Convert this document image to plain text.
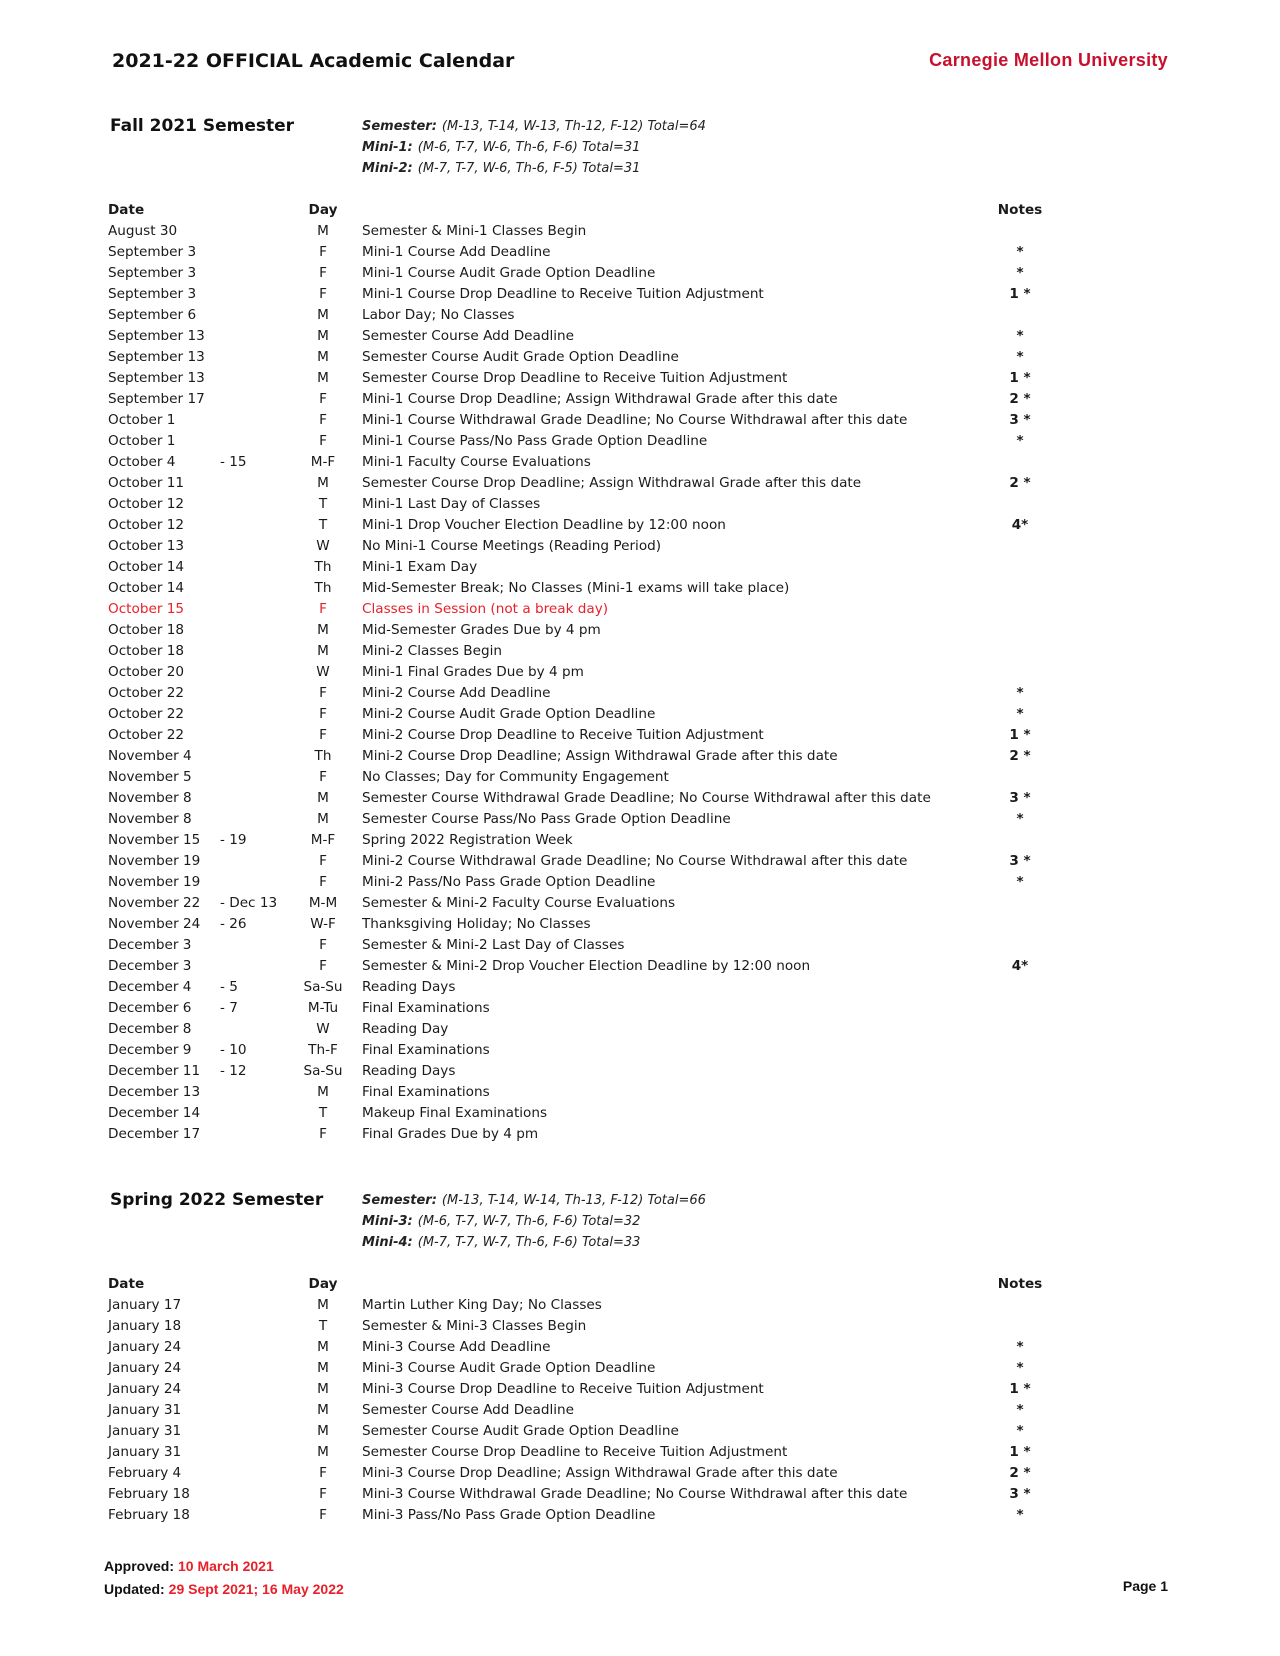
2021-22 OFFICIAL Academic Calendar	Carnegie Mellon University
Fall 2021 Semester	Semester: (M-13, T-14, W-13, Th-12, F-12) Total=64
Mini-1: (M-6, T-7, W-6, Th-6, F-6) Total=31
Mini-2: (M-7, T-7, W-6, Th-6, F-5) Total=31
Date	Day	Notes
August 30	M	Semester & Mini-1 Classes Begin
September 3	F	Mini-1 Course Add Deadline	*
September 3	F	Mini-1 Course Audit Grade Option Deadline	*
September 3	F	Mini-1 Course Drop Deadline to Receive Tuition Adjustment	1 *
September 6	M	Labor Day; No Classes
September 13	M	Semester Course Add Deadline	*
September 13	M	Semester Course Audit Grade Option Deadline	*
September 13	M	Semester Course Drop Deadline to Receive Tuition Adjustment	1 *
September 17	F	Mini-1 Course Drop Deadline; Assign Withdrawal Grade after this date	2 *
October 1	F	Mini-1 Course Withdrawal Grade Deadline; No Course Withdrawal after this date	3 *
October 1	F	Mini-1 Course Pass/No Pass Grade Option Deadline	*
October 4	- 15	M-F	Mini-1 Faculty Course Evaluations
October 11	M	Semester Course Drop Deadline; Assign Withdrawal Grade after this date	2 *
October 12	T	Mini-1 Last Day of Classes
October 12	T	Mini-1 Drop Voucher Election Deadline by 12:00 noon	4*
October 13	W	No Mini-1 Course Meetings (Reading Period)
October 14	Th	Mini-1 Exam Day
October 14	Th	Mid-Semester Break; No Classes (Mini-1 exams will take place)
October 15	F	Classes in Session (not a break day)
October 18	M	Mid-Semester Grades Due by 4 pm
October 18	M	Mini-2 Classes Begin
October 20	W	Mini-1 Final Grades Due by 4 pm
October 22	F	Mini-2 Course Add Deadline	*
October 22	F	Mini-2 Course Audit Grade Option Deadline	*
October 22	F	Mini-2 Course Drop Deadline to Receive Tuition Adjustment	1 *
November 4	Th	Mini-2 Course Drop Deadline; Assign Withdrawal Grade after this date	2 *
November 5	F	No Classes; Day for Community Engagement
November 8	M	Semester Course Withdrawal Grade Deadline; No Course Withdrawal after this date	3 *
November 8	M	Semester Course Pass/No Pass Grade Option Deadline	*
November 15 - 19	M-F	Spring 2022 Registration Week
November 19	F	Mini-2 Course Withdrawal Grade Deadline; No Course Withdrawal after this date	3 *
November 19	F	Mini-2 Pass/No Pass Grade Option Deadline	*
November 22 - Dec 13	M-M	Semester & Mini-2 Faculty Course Evaluations
November 24 - 26	W-F	Thanksgiving Holiday; No Classes
December 3	F	Semester & Mini-2 Last Day of Classes
December 3	F	Semester & Mini-2 Drop Voucher Election Deadline by 12:00 noon	4*
December 4 - 5	Sa-Su	Reading Days
December 6 - 7	M-Tu	Final Examinations
December 8	W	Reading Day
December 9 - 10	Th-F	Final Examinations
December 11 - 12	Sa-Su	Reading Days
December 13	M	Final Examinations
December 14	T	Makeup Final Examinations
December 17	F	Final Grades Due by 4 pm
Spring 2022 Semester	Semester: (M-13, T-14, W-14, Th-13, F-12) Total=66
Mini-3: (M-6, T-7, W-7, Th-6, F-6) Total=32
Mini-4: (M-7, T-7, W-7, Th-6, F-6) Total=33
Date	Day	Notes
January 17	M	Martin Luther King Day; No Classes
January 18	T	Semester & Mini-3 Classes Begin
January 24	M	Mini-3 Course Add Deadline	*
January 24	M	Mini-3 Course Audit Grade Option Deadline	*
January 24	M	Mini-3 Course Drop Deadline to Receive Tuition Adjustment	1 *
January 31	M	Semester Course Add Deadline	*
January 31	M	Semester Course Audit Grade Option Deadline	*
January 31	M	Semester Course Drop Deadline to Receive Tuition Adjustment	1 *
February 4	F	Mini-3 Course Drop Deadline; Assign Withdrawal Grade after this date	2 *
February 18	F	Mini-3 Course Withdrawal Grade Deadline; No Course Withdrawal after this date	3 *
February 18	F	Mini-3 Pass/No Pass Grade Option Deadline	*
Approved: 10 March 2021
Updated: 29 Sept 2021; 16 May 2022	Page 1
